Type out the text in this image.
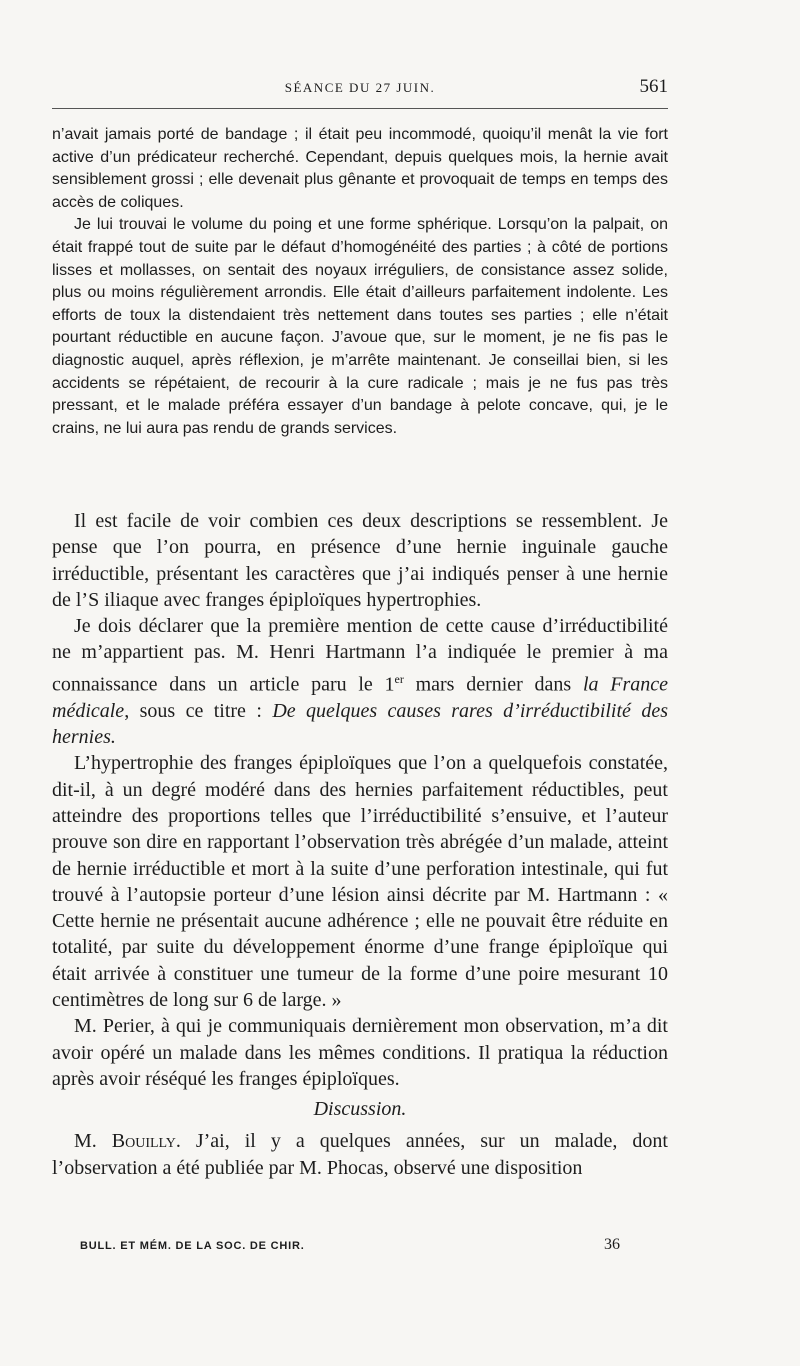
SÉANCE DU 27 JUIN.	561

n’avait jamais porté de bandage ; il était peu incommodé, quoiqu’il menât la vie fort active d’un prédicateur recherché. Cependant, depuis quelques mois, la hernie avait sensiblement grossi ; elle devenait plus gênante et provoquait de temps en temps des accès de coliques.

Je lui trouvai le volume du poing et une forme sphérique. Lorsqu’on la palpait, on était frappé tout de suite par le défaut d’homogénéité des parties ; à côté de portions lisses et mollasses, on sentait des noyaux irréguliers, de consistance assez solide, plus ou moins régulièrement arrondis. Elle était d’ailleurs parfaitement indolente. Les efforts de toux la distendaient très nettement dans toutes ses parties ; elle n’était pourtant réductible en aucune façon. J’avoue que, sur le moment, je ne fis pas le diagnostic auquel, après réflexion, je m’arrête maintenant. Je conseillai bien, si les accidents se répétaient, de recourir à la cure radicale ; mais je ne fus pas très pressant, et le malade préféra essayer d’un bandage à pelote concave, qui, je le crains, ne lui aura pas rendu de grands services.

Il est facile de voir combien ces deux descriptions se ressemblent. Je pense que l’on pourra, en présence d’une hernie inguinale gauche irréductible, présentant les caractères que j’ai indiqués penser à une hernie de l’S iliaque avec franges épiploïques hypertrophies.

Je dois déclarer que la première mention de cette cause d’irréductibilité ne m’appartient pas. M. Henri Hartmann l’a indiquée le premier à ma connaissance dans un article paru le 1er mars dernier dans la France médicale, sous ce titre : De quelques causes rares d’irréductibilité des hernies.

L’hypertrophie des franges épiploïques que l’on a quelquefois constatée, dit-il, à un degré modéré dans des hernies parfaitement réductibles, peut atteindre des proportions telles que l’irréductibilité s’ensuive, et l’auteur prouve son dire en rapportant l’observation très abrégée d’un malade, atteint de hernie irréductible et mort à la suite d’une perforation intestinale, qui fut trouvé à l’autopsie porteur d’une lésion ainsi décrite par M. Hartmann : « Cette hernie ne présentait aucune adhérence ; elle ne pouvait être réduite en totalité, par suite du développement énorme d’une frange épiploïque qui était arrivée à constituer une tumeur de la forme d’une poire mesurant 10 centimètres de long sur 6 de large. »

M. Perier, à qui je communiquais dernièrement mon observation, m’a dit avoir opéré un malade dans les mêmes conditions. Il pratiqua la réduction après avoir réséqué les franges épiploïques.

Discussion.

M. Bouilly. J’ai, il y a quelques années, sur un malade, dont l’observation a été publiée par M. Phocas, observé une disposition

BULL. ET MÉM. DE LA SOC. DE CHIR.	36
